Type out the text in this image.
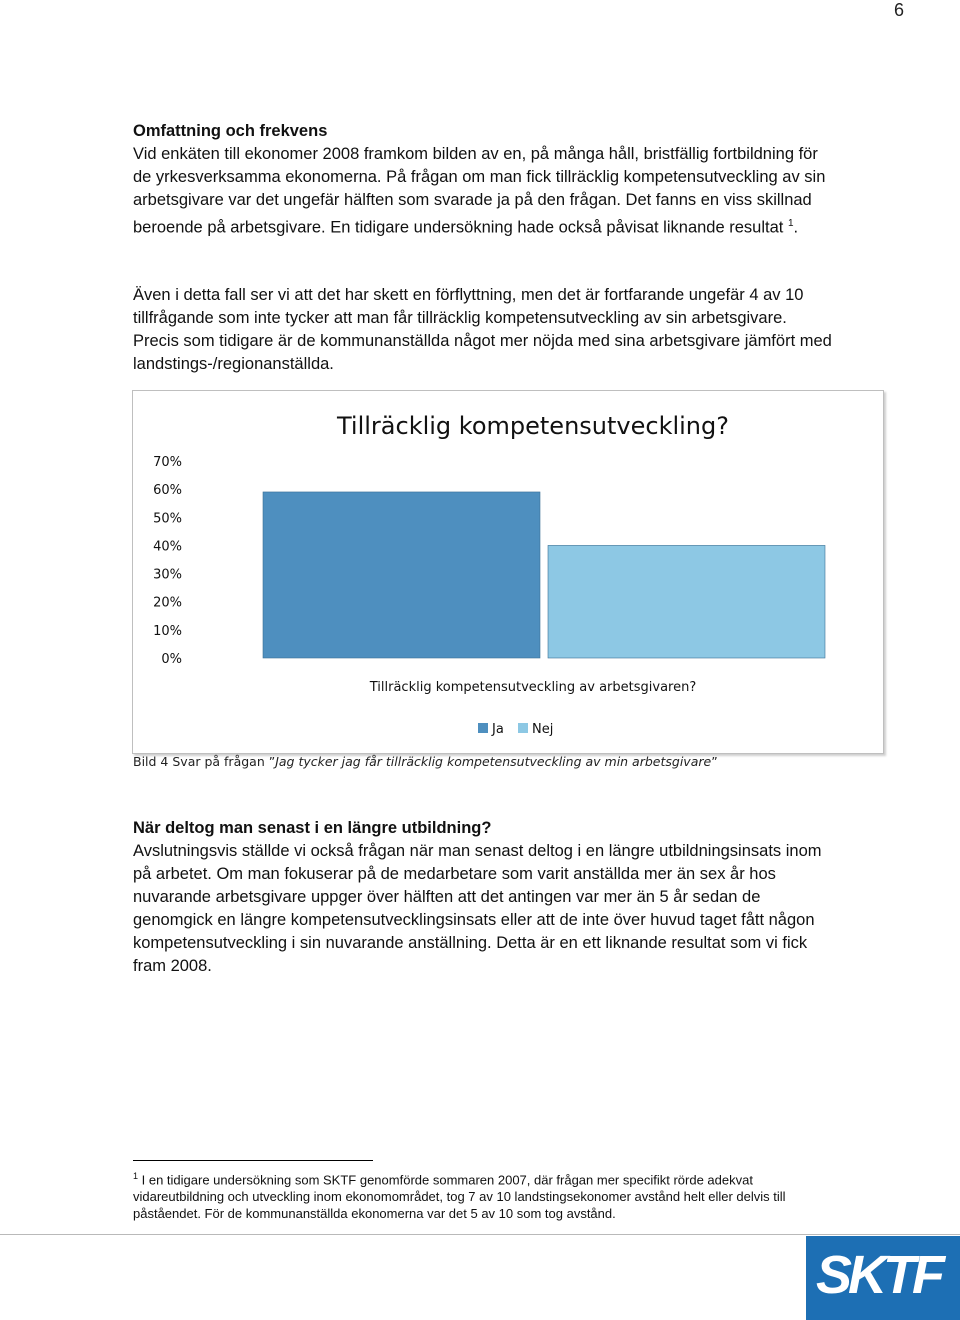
6

Omfattning och frekvens

Vid enkäten till ekonomer 2008 framkom bilden av en, på många håll, bristfällig fortbildning för de yrkesverksamma ekonomerna. På frågan om man fick tillräcklig kompetensutveckling av sin arbetsgivare var det ungefär hälften som svarade ja på den frågan. Det fanns en viss skillnad beroende på arbetsgivare. En tidigare undersökning hade också påvisat liknande resultat $^1$.

Även i detta fall ser vi att det har skett en förflyttning, men det är fortfarande ungefär 4 av 10 tillfrågande som inte tycker att man får tillräcklig kompetensutveckling av sin arbetsgivare. Precis som tidigare är de kommunanställda något mer nöjda med sina arbetsgivare jämfört med landstings-/regionanställda.

Tillräcklig kompetensutveckling?
0%
10%
20%
30%
40%
50%
60%
70%
Tillräcklig kompetensutveckling av arbetsgivaren?
Ja Nej
Bild 4 Svar på frågan ”Jag tycker jag får tillräcklig kompetensutveckling av min arbetsgivare”

När deltog man senast i en längre utbildning?

Avslutningsvis ställde vi också frågan när man senast deltog i en längre utbildningsinsats inom på arbetet. Om man fokuserar på de medarbetare som varit anställda mer än sex år hos nuvarande arbetsgivare uppger över hälften att det antingen var mer än 5 år sedan de genomgick en längre kompetensutvecklingsinsats eller att de inte över huvud taget fått någon kompetensutveckling i sin nuvarande anställning. Detta är en ett liknande resultat som vi fick fram 2008.

$^1$ I en tidigare undersökning som SKTF genomförde sommaren 2007, där frågan mer specifikt rörde adekvat vidareutbildning och utveckling inom ekonomområdet, tog 7 av 10 landstingsekonomer avstånd helt eller delvis till påståendet. För de kommunanställda ekonomerna var det 5 av 10 som tog avstånd.
SKTF
